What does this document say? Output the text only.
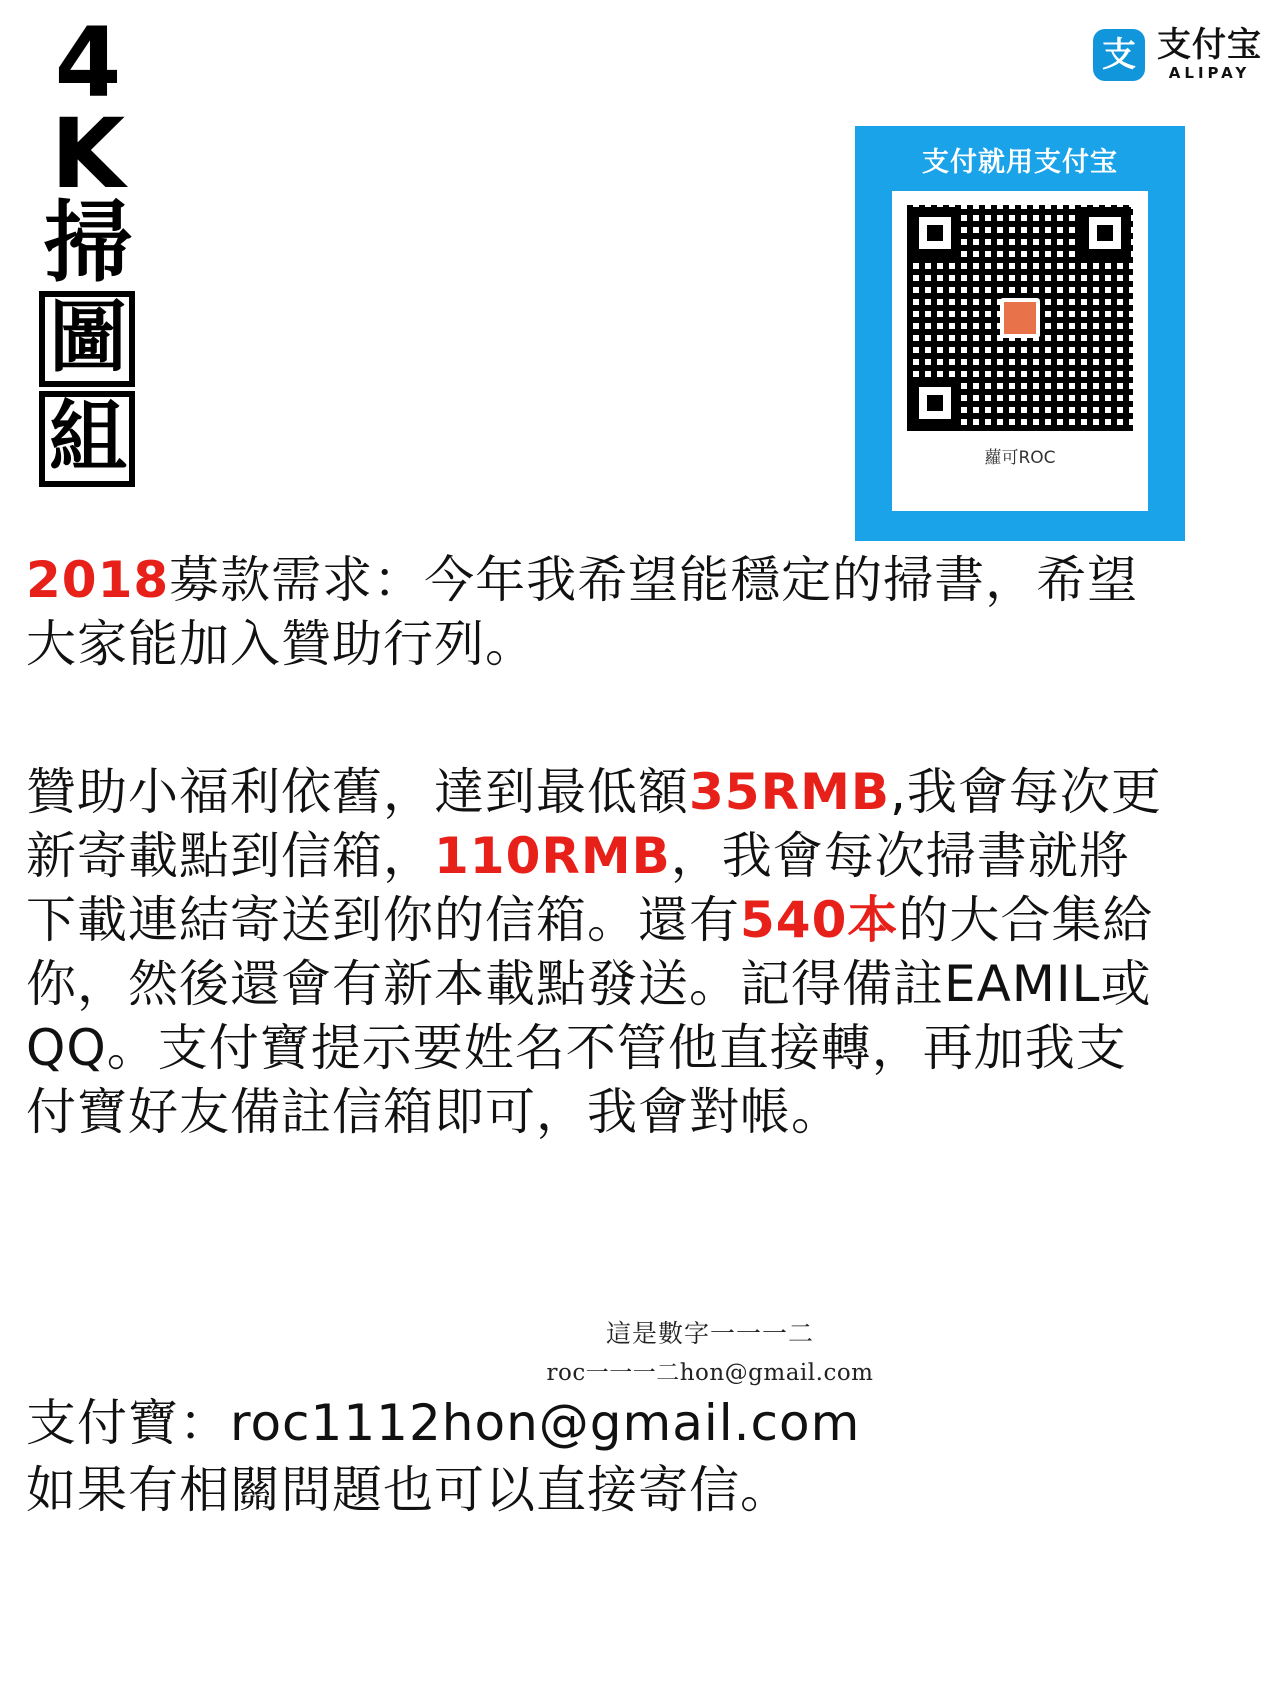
4
K
掃
圖
組
支 支付宝
ALIPAY
支付就用支付宝
蘿可ROC
2018募款需求：今年我希望能穩定的掃書，希望大家能加入贊助行列。
贊助小福利依舊，達到最低額35RMB,我會每次更新寄載點到信箱，110RMB，我會每次掃書就將下載連結寄送到你的信箱。還有540本的大合集給你，然後還會有新本載點發送。記得備註EAMIL或QQ。支付寶提示要姓名不管他直接轉，再加我支付寶好友備註信箱即可，我會對帳。
這是數字一一一二
roc一一一二hon@gmail.com
支付寶：roc1112hon@gmail.com
如果有相關問題也可以直接寄信。
